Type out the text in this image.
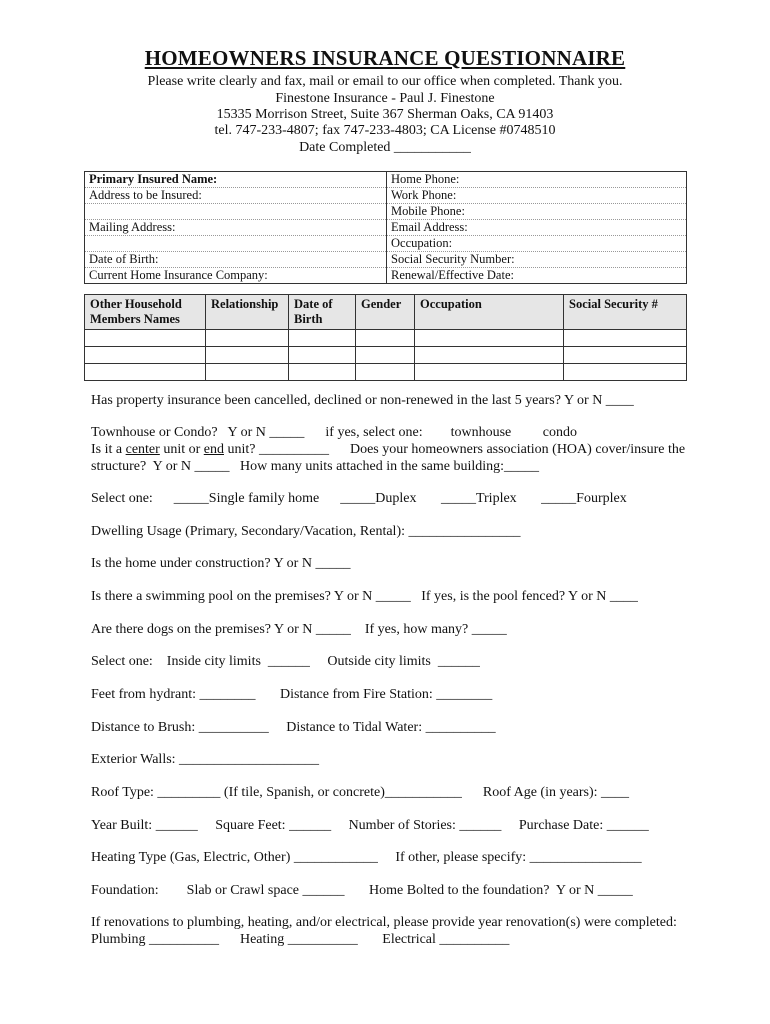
HOMEOWNERS INSURANCE QUESTIONNAIRE
Please write clearly and fax, mail or email to our office when completed. Thank you.
Finestone Insurance - Paul J. Finestone
15335 Morrison Street, Suite 367 Sherman Oaks, CA 91403
tel. 747-233-4807; fax 747-233-4803; CA License #0748510
Date Completed ___________
Primary Insured Name:	Home Phone:
Address to be Insured:	Work Phone:
	Mobile Phone:
Mailing Address:	Email Address:
	Occupation:
Date of Birth:	Social Security Number:
Current Home Insurance Company:	Renewal/Effective Date:
Other Household Members Names	Relationship	Date of Birth	Gender	Occupation	Social Security #

Has property insurance been cancelled, declined or non-renewed in the last 5 years? Y or N ____
Townhouse or Condo?   Y or N _____      if yes, select one:        townhouse         condo
Is it a center unit or end unit? __________      Does your homeowners association (HOA) cover/insure the
structure?  Y or N _____   How many units attached in the same building:_____
Select one:      _____Single family home      _____Duplex       _____Triplex       _____Fourplex
Dwelling Usage (Primary, Secondary/Vacation, Rental): ________________
Is the home under construction? Y or N _____
Is there a swimming pool on the premises? Y or N _____   If yes, is the pool fenced? Y or N ____
Are there dogs on the premises? Y or N _____    If yes, how many? _____
Select one:    Inside city limits  ______     Outside city limits  ______
Feet from hydrant: ________       Distance from Fire Station: ________
Distance to Brush: __________     Distance to Tidal Water: __________
Exterior Walls: ____________________
Roof Type: _________ (If tile, Spanish, or concrete)___________      Roof Age (in years): ____
Year Built: ______     Square Feet: ______     Number of Stories: ______     Purchase Date: ______
Heating Type (Gas, Electric, Other) ____________     If other, please specify: ________________
Foundation:        Slab or Crawl space ______       Home Bolted to the foundation?  Y or N _____
If renovations to plumbing, heating, and/or electrical, please provide year renovation(s) were completed:
Plumbing __________      Heating __________       Electrical __________
